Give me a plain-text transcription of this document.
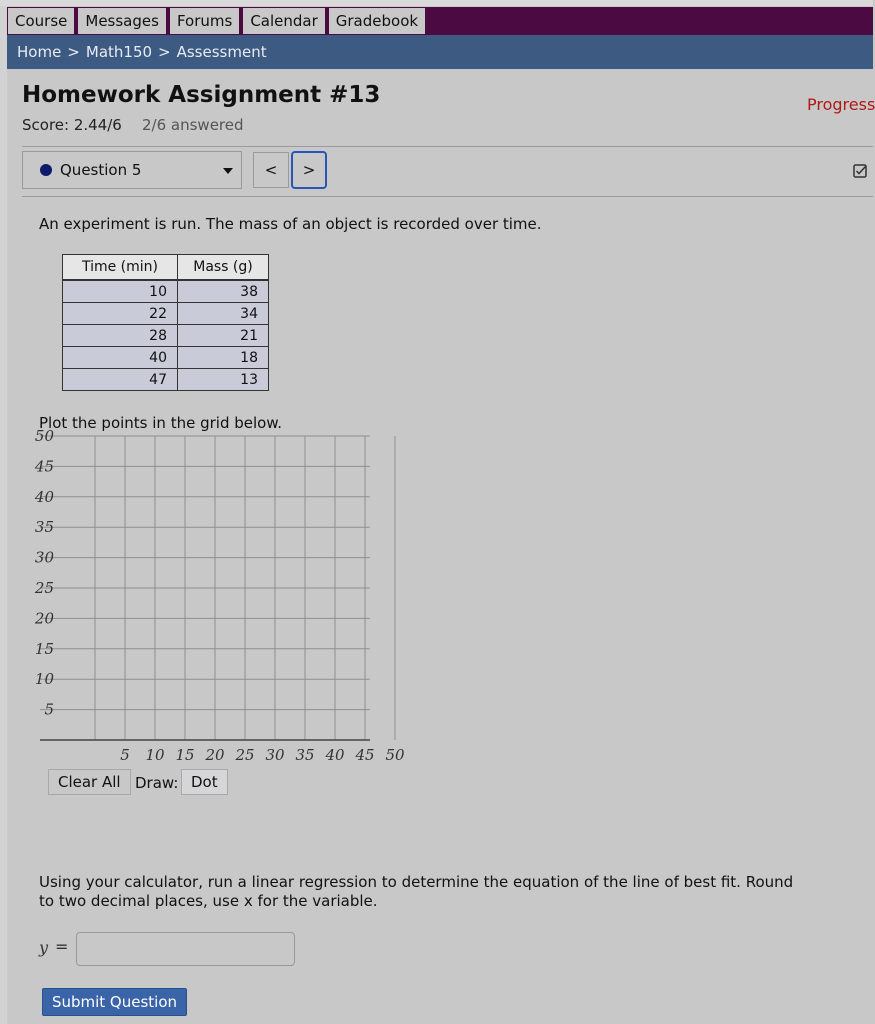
Course	Messages	Forums	Calendar	Gradebook
Home > Math150 > Assessment
Homework Assignment #13	Progress
Score: 2.44/6 2/6 answered
Question 5	< >
An experiment is run. The mass of an object is recorded over time.
Time (min)	Mass (g)
10	38
22	34
28	21
40	18
47	13
Plot the points in the grid below.
5
10
15
20
25
30
35
40
45
50
5 10 15 20 25 30 35 40 45 50
Clear All Draw: Dot
Using your calculator, run a linear regression to determine the equation of the line of best fit. Round to two decimal places, use x for the variable.
y =
Submit Question
